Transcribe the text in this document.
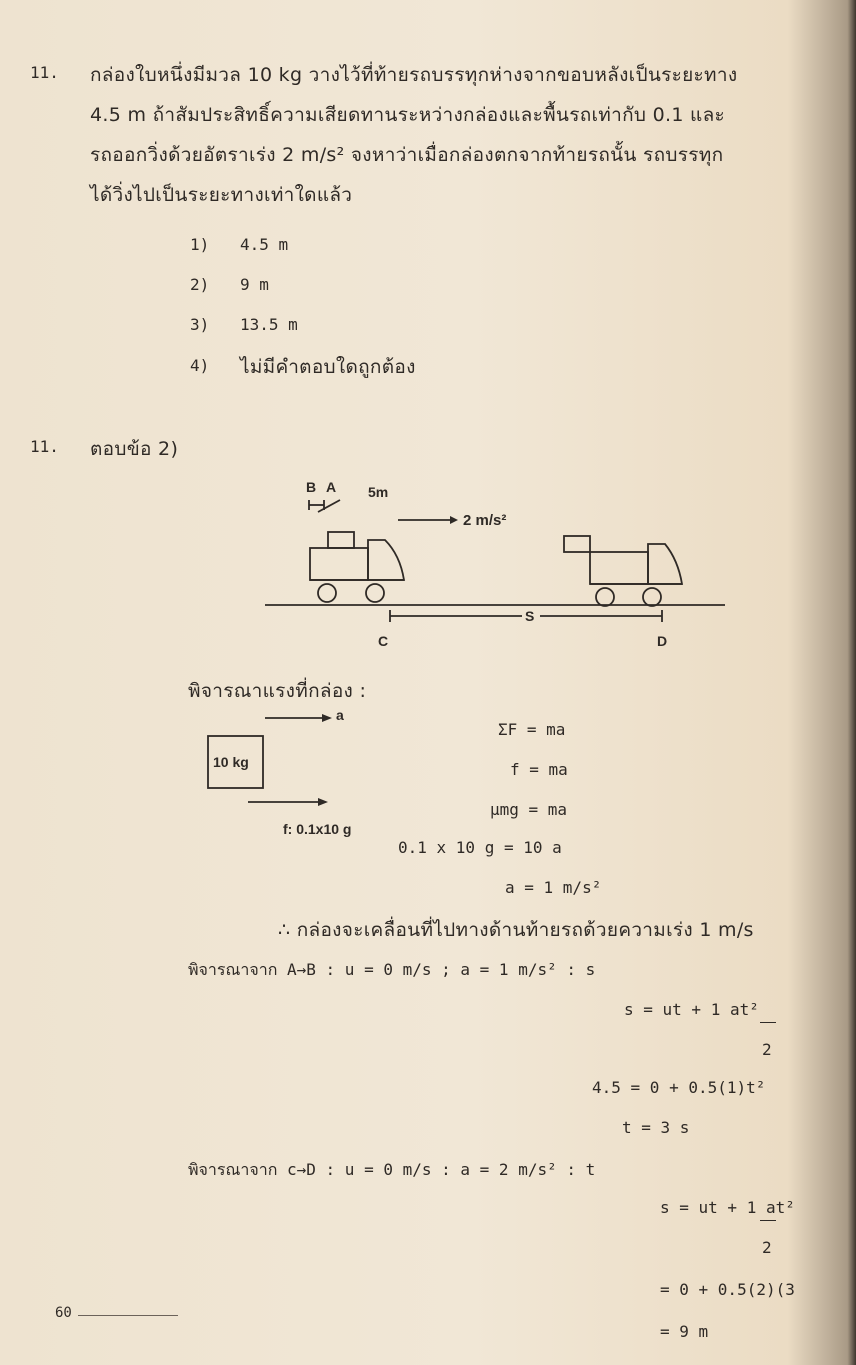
11. กล่องใบหนึ่งมีมวล 10 kg วางไว้ที่ท้ายรถบรรทุกห่างจากขอบหลังเป็นระยะทาง
4.5 m ถ้าสัมประสิทธิ์ความเสียดทานระหว่างกล่องและพื้นรถเท่ากับ 0.1 และ
รถออกวิ่งด้วยอัตราเร่ง 2 m/s² จงหาว่าเมื่อกล่องตกจากท้ายรถนั้น รถบรรทุก
ได้วิ่งไปเป็นระยะทางเท่าใดแล้ว
1) 4.5 m
2) 9 m
3) 13.5 m
4) ไม่มีคำตอบใดถูกต้อง
11. ตอบข้อ 2)
B A 5m
2 m/s²
S
C	D
พิจารณาแรงที่กล่อง :
a
10 kg
f: 0.1x10 g
ΣF = ma
f = ma
μmg = ma
0.1 x 10 g = 10 a
a = 1 m/s²
∴ กล่องจะเคลื่อนที่ไปทางด้านท้ายรถด้วยความเร่ง 1 m/s
พิจารณาจาก A→B : u = 0 m/s ; a = 1 m/s² : s
s = ut + 1 at²
2
4.5 = 0 + 0.5(1)t²
t = 3 s
พิจารณาจาก c→D : u = 0 m/s : a = 2 m/s² : t
s = ut + 1 at²
2
= 0 + 0.5(2)(3
= 9 m
60
